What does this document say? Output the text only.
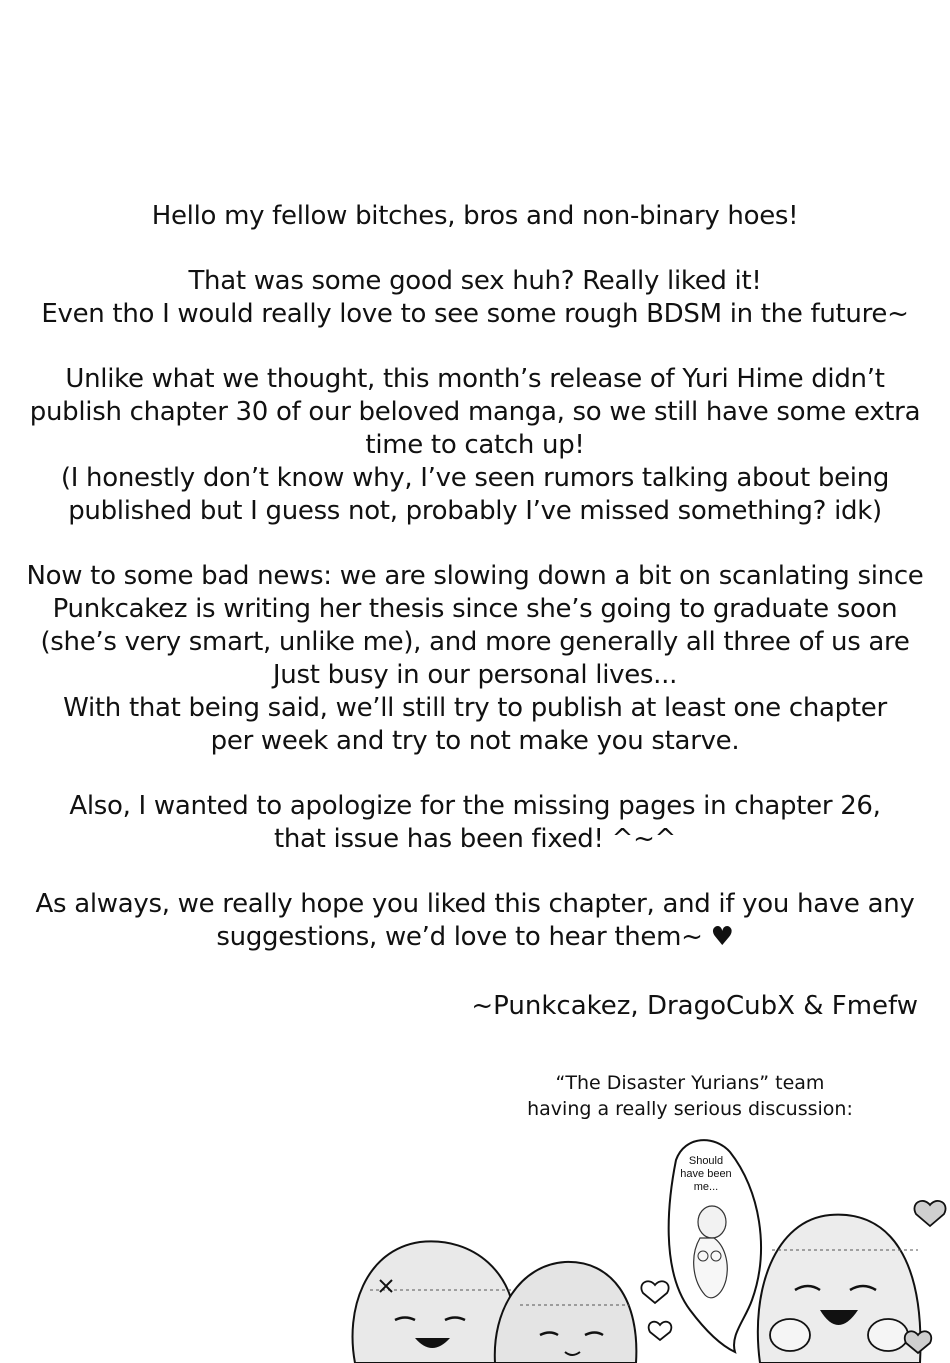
Hello my fellow bitches, bros and non-binary hoes!
That was some good sex huh? Really liked it!
Even tho I would really love to see some rough BDSM in the future~
Unlike what we thought, this month’s release of Yuri Hime didn’t
publish chapter 30 of our beloved manga, so we still have some extra
time to catch up!
(I honestly don’t know why, I’ve seen rumors talking about being
published but I guess not, probably I’ve missed something? idk)
Now to some bad news: we are slowing down a bit on scanlating since
Punkcakez is writing her thesis since she’s going to graduate soon
(she’s very smart, unlike me), and more generally all three of us are
Just busy in our personal lives...
With that being said, we’ll still try to publish at least one chapter
per week and try to not make you starve.
Also, I wanted to apologize for the missing pages in chapter 26,
that issue has been fixed! ^~^
As always, we really hope you liked this chapter, and if you have any
suggestions, we’d love to hear them~ ♥
~Punkcakez, DragoCubX & Fmefw
“The Disaster Yurians” team
having a really serious discussion:
Should
have been
me...
